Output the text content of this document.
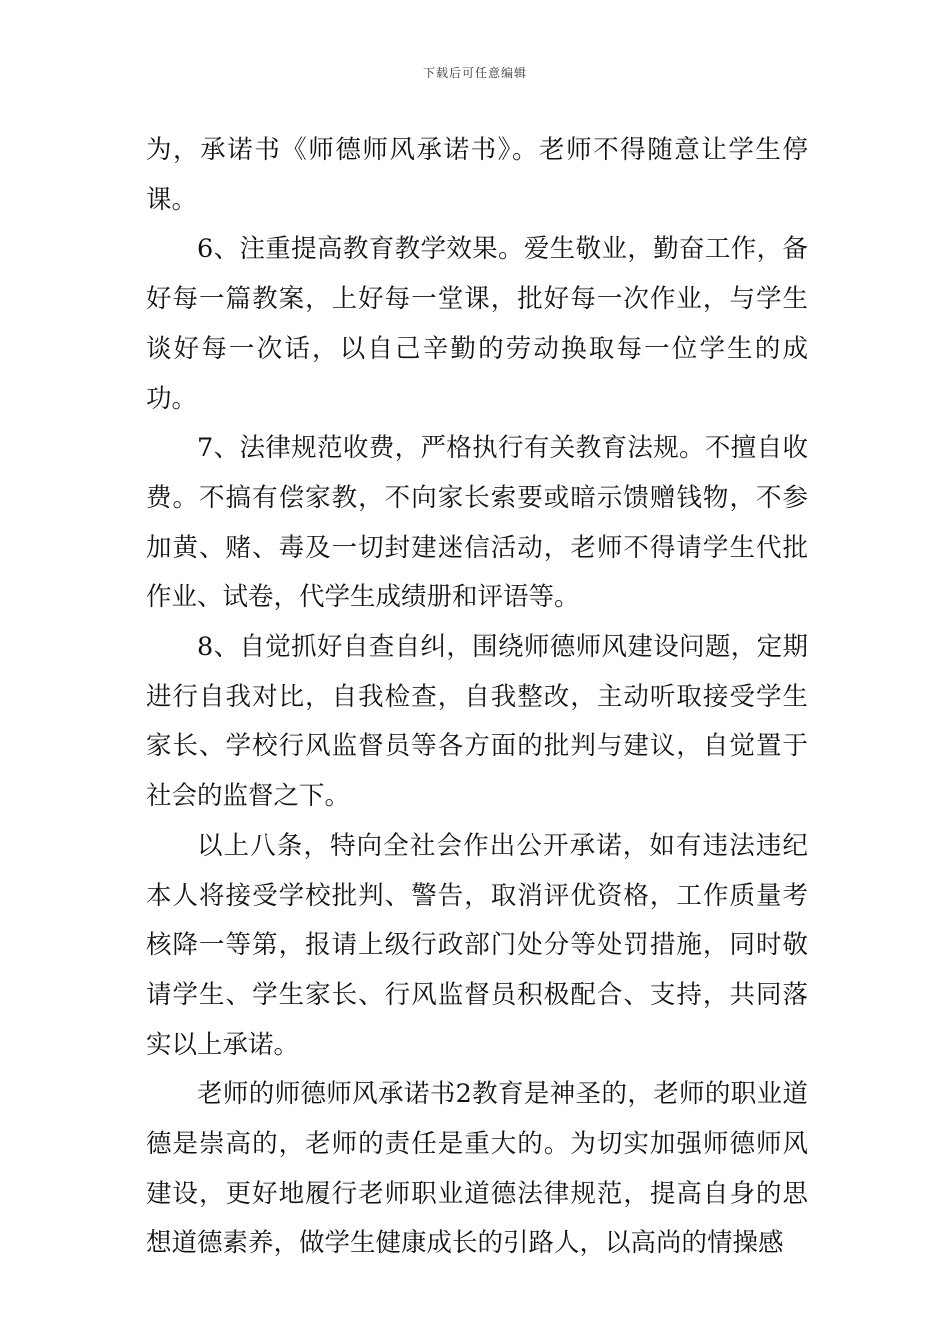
下载后可任意编辑

为，承诺书《师德师风承诺书》。老师不得随意让学生停课。

6、注重提高教育教学效果。爱生敬业，勤奋工作，备好每一篇教案，上好每一堂课，批好每一次作业，与学生谈好每一次话，以自己辛勤的劳动换取每一位学生的成功。

7、法律规范收费，严格执行有关教育法规。不擅自收费。不搞有偿家教，不向家长索要或暗示馈赠钱物，不参加黄、赌、毒及一切封建迷信活动，老师不得请学生代批作业、试卷，代学生成绩册和评语等。

8、自觉抓好自查自纠，围绕师德师风建设问题，定期进行自我对比，自我检查，自我整改，主动听取接受学生家长、学校行风监督员等各方面的批判与建议，自觉置于社会的监督之下。

以上八条，特向全社会作出公开承诺，如有违法违纪本人将接受学校批判、警告，取消评优资格，工作质量考核降一等第，报请上级行政部门处分等处罚措施，同时敬请学生、学生家长、行风监督员积极配合、支持，共同落实以上承诺。

老师的师德师风承诺书2教育是神圣的，老师的职业道德是崇高的，老师的责任是重大的。为切实加强师德师风建设，更好地履行老师职业道德法律规范，提高自身的思想道德素养，做学生健康成长的引路人，以高尚的情操感
